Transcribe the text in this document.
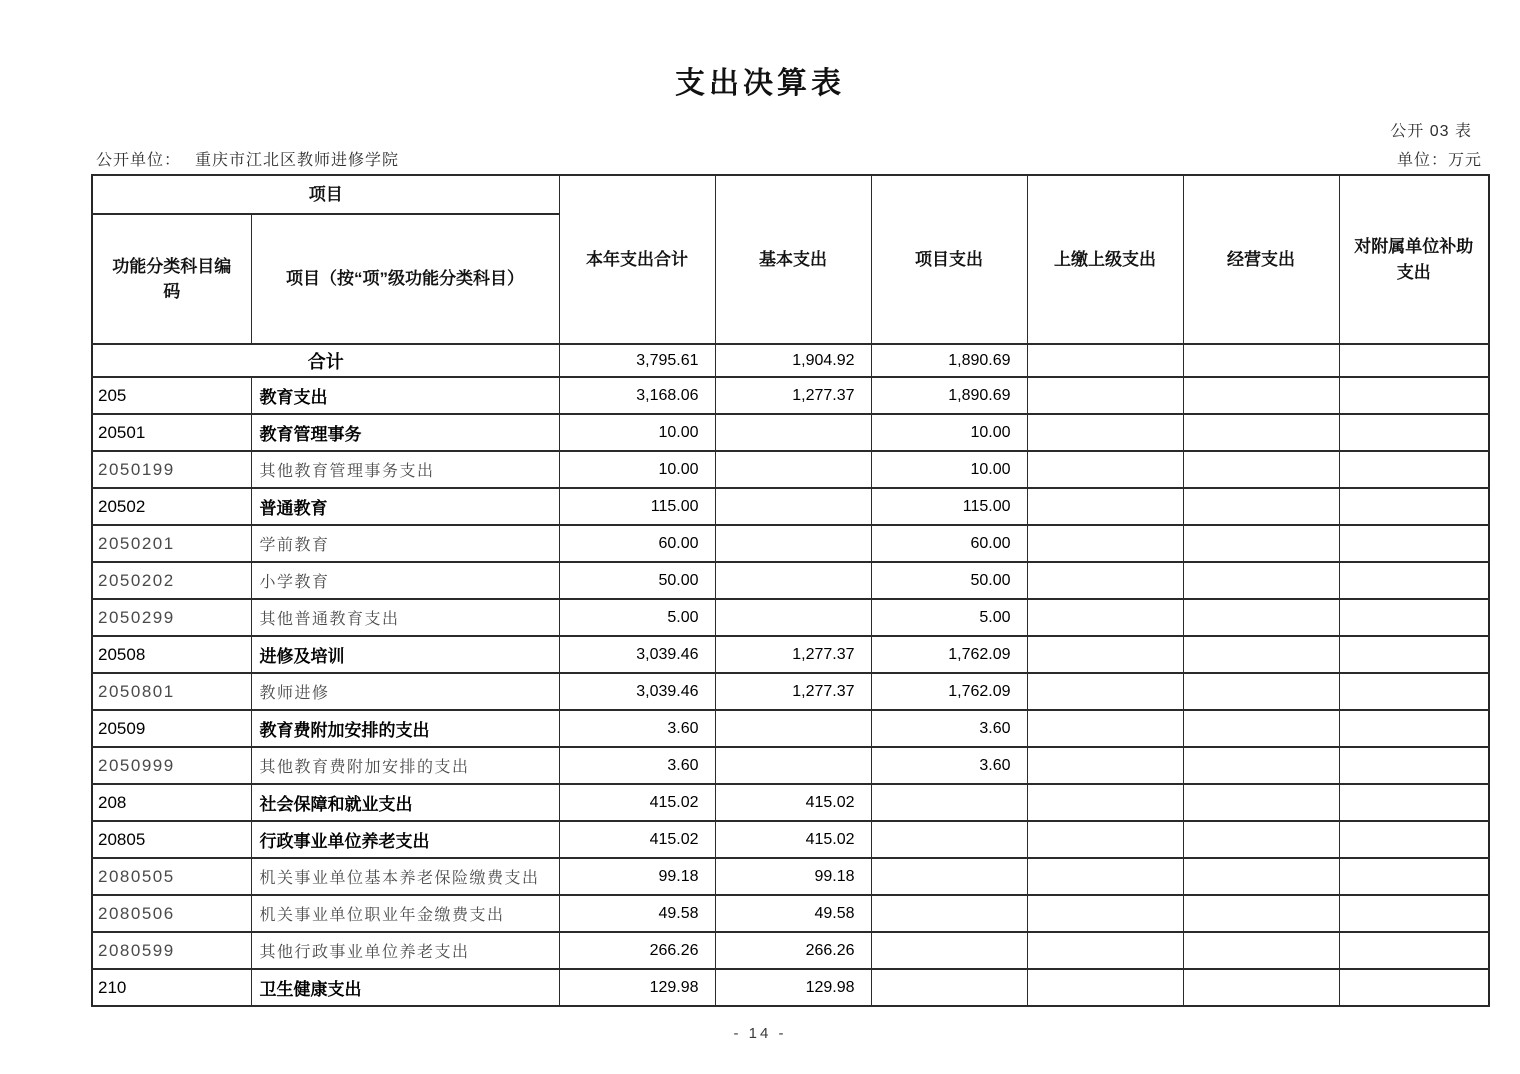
支出决算表
公开 03 表
公开单位： 重庆市江北区教师进修学院	单位：万元
项目		本年支出合计	基本支出	项目支出	上缴上级支出	经营支出	对附属单位补助支出
功能分类科目编码	项目（按“项”级功能分类科目）						
合计		3,795.61	1,904.92	1,890.69			
205	教育支出	3,168.06	1,277.37	1,890.69			
20501	教育管理事务	10.00		10.00			
2050199	其他教育管理事务支出	10.00		10.00			
20502	普通教育	115.00		115.00			
2050201	学前教育	60.00		60.00			
2050202	小学教育	50.00		50.00			
2050299	其他普通教育支出	5.00		5.00			
20508	进修及培训	3,039.46	1,277.37	1,762.09			
2050801	教师进修	3,039.46	1,277.37	1,762.09			
20509	教育费附加安排的支出	3.60		3.60			
2050999	其他教育费附加安排的支出	3.60		3.60			
208	社会保障和就业支出	415.02	415.02				
20805	行政事业单位养老支出	415.02	415.02				
2080505	机关事业单位基本养老保险缴费支出	99.18	99.18				
2080506	机关事业单位职业年金缴费支出	49.58	49.58				
2080599	其他行政事业单位养老支出	266.26	266.26				
210	卫生健康支出	129.98	129.98				
- 14 -
